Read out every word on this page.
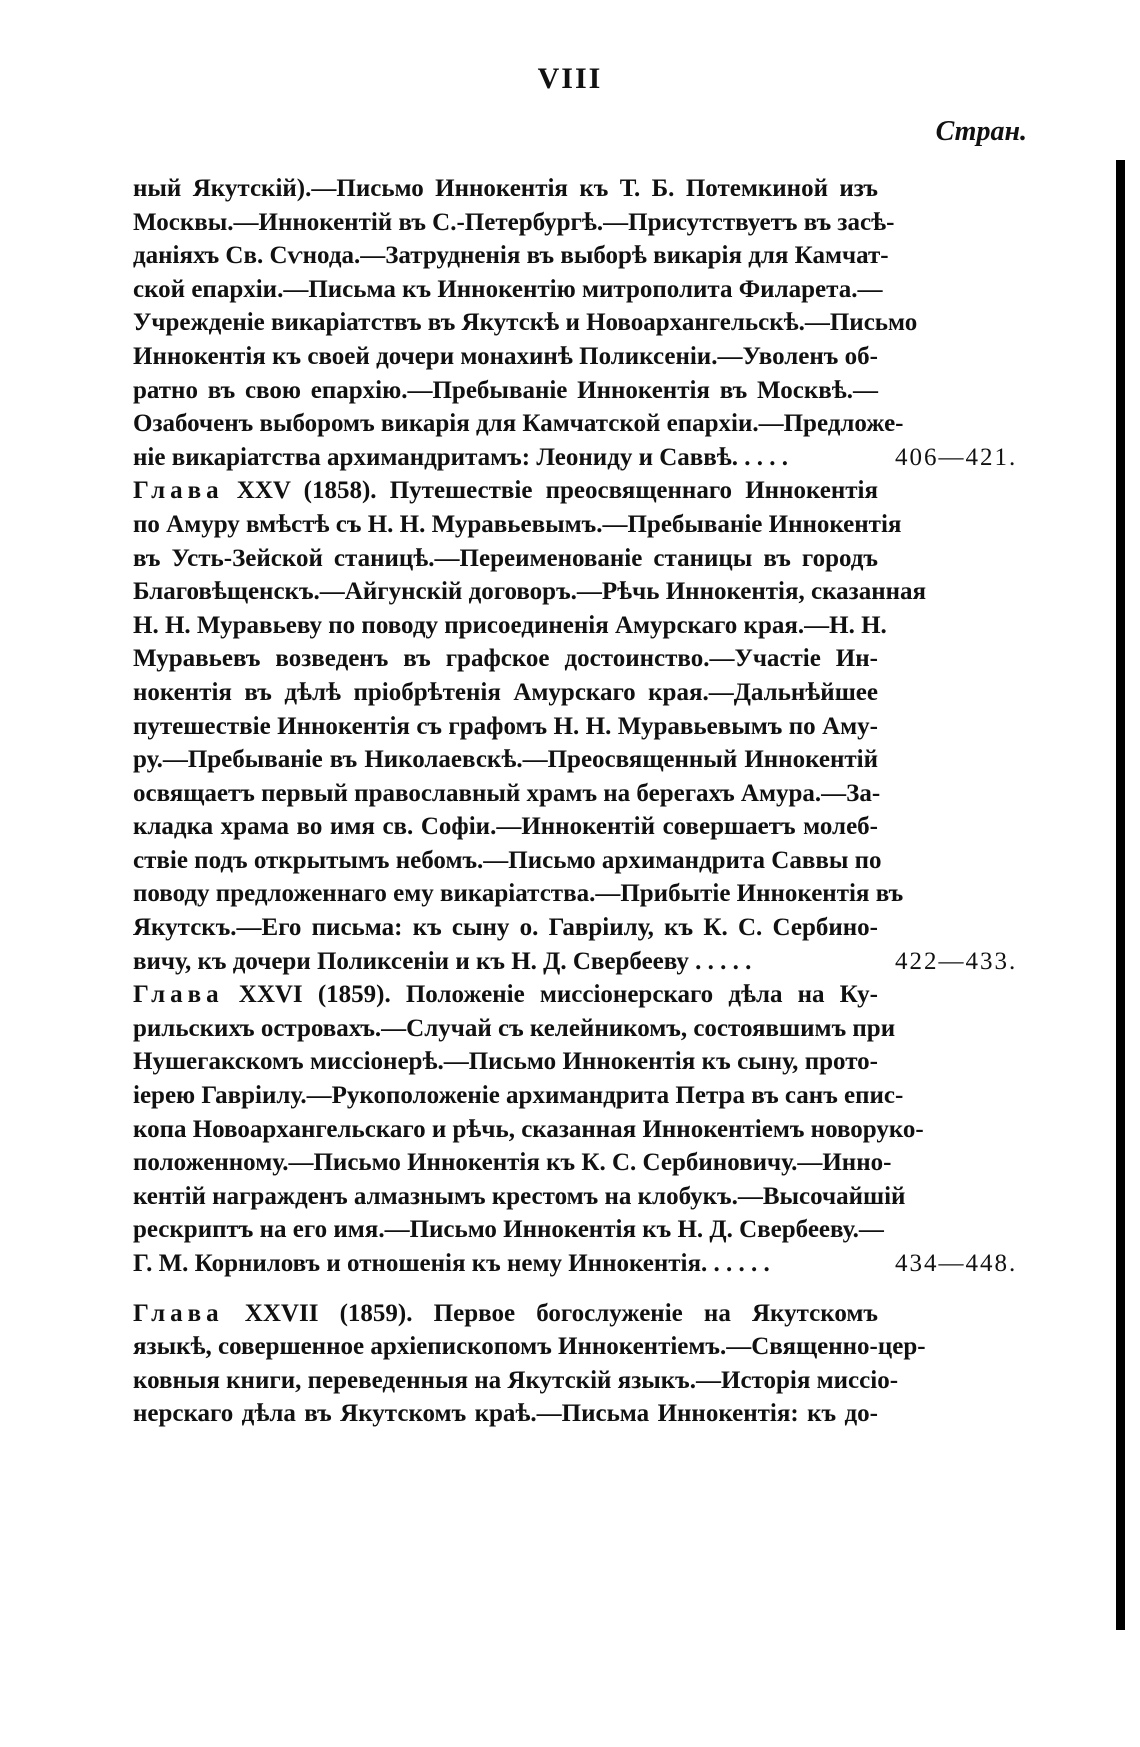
VIII
Стран.
ный Якутскій).—Письмо Иннокентія къ Т. Б. Потемкиной изъ
Москвы.—Иннокентій въ С.-Петербургѣ.—Присутствуетъ въ засѣ-
даніяхъ Св. Сѵнода.—Затрудненія въ выборѣ викарія для Камчат-
ской епархіи.—Письма къ Иннокентію митрополита Филарета.—
Учрежденіе викаріатствъ въ Якутскѣ и Новоархангельскѣ.—Письмо
Иннокентія къ своей дочери монахинѣ Поликсеніи.—Уволенъ об-
ратно въ свою епархію.—Пребываніе Иннокентія въ Москвѣ.—
Озабоченъ выборомъ викарія для Камчатской епархіи.—Предложе-
ніе викаріатства архимандритамъ: Леониду и Саввѣ. . . . .	406—421.
Глава XXV (1858). Путешествіе преосвященнаго Иннокентія
по Амуру вмѣстѣ съ Н. Н. Муравьевымъ.—Пребываніе Иннокентія
въ Усть-Зейской станицѣ.—Переименованіе станицы въ городъ
Благовѣщенскъ.—Айгунскій договоръ.—Рѣчь Иннокентія, сказанная
Н. Н. Муравьеву по поводу присоединенія Амурскаго края.—Н. Н.
Муравьевъ возведенъ въ графское достоинство.—Участіе Ин-
нокентія въ дѣлѣ пріобрѣтенія Амурскаго края.—Дальнѣйшее
путешествіе Иннокентія съ графомъ Н. Н. Муравьевымъ по Аму-
ру.—Пребываніе въ Николаевскѣ.—Преосвященный Иннокентій
освящаетъ первый православный храмъ на берегахъ Амура.—За-
кладка храма во имя св. Софіи.—Иннокентій совершаетъ молеб-
ствіе подъ открытымъ небомъ.—Письмо архимандрита Саввы по
поводу предложеннаго ему викаріатства.—Прибытіе Иннокентія въ
Якутскъ.—Его письма: къ сыну о. Гавріилу, къ К. С. Сербино-
вичу, къ дочери Поликсеніи и къ Н. Д. Свербееву . . . . .	422—433.
Глава XXVI (1859). Положеніе миссіонерскаго дѣла на Ку-
рильскихъ островахъ.—Случай съ келейникомъ, состоявшимъ при
Нушегакскомъ миссіонерѣ.—Письмо Иннокентія къ сыну, прото-
іерею Гавріилу.—Рукоположеніе архимандрита Петра въ санъ епис-
копа Новоархангельскаго и рѣчь, сказанная Иннокентіемъ новоруко-
положенному.—Письмо Иннокентія къ К. С. Сербиновичу.—Инно-
кентій награжденъ алмазнымъ крестомъ на клобукъ.—Высочайшій
рескриптъ на его имя.—Письмо Иннокентія къ Н. Д. Свербееву.—
Г. М. Корниловъ и отношенія къ нему Иннокентія. . . . . .	434—448.
Глава XXVII (1859). Первое богослуженіе на Якутскомъ
языкѣ, совершенное архіепископомъ Иннокентіемъ.—Священно-цер-
ковныя книги, переведенныя на Якутскій языкъ.—Исторія миссіо-
нерскаго дѣла въ Якутскомъ краѣ.—Письма Иннокентія: къ до-
